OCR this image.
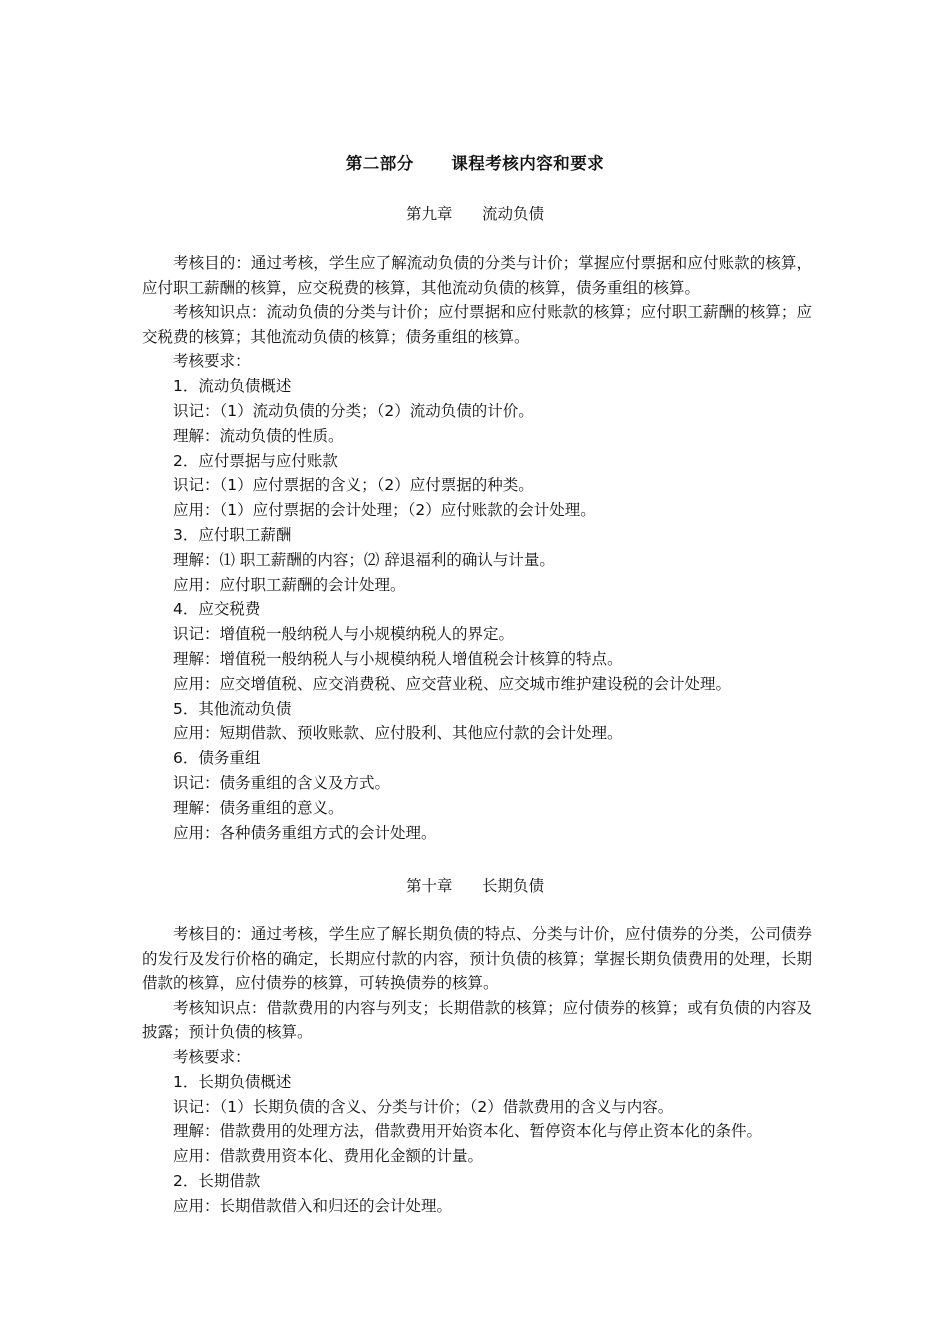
第二部分      课程考核内容和要求
第九章      流动负债

考核目的：通过考核，学生应了解流动负债的分类与计价；掌握应付票据和应付账款的核算，应付职工薪酬的核算，应交税费的核算，其他流动负债的核算，债务重组的核算。

考核知识点：流动负债的分类与计价；应付票据和应付账款的核算；应付职工薪酬的核算；应交税费的核算；其他流动负债的核算；债务重组的核算。

考核要求：

1．流动负债概述

识记：（1）流动负债的分类；（2）流动负债的计价。

理解：流动负债的性质。

2．应付票据与应付账款

识记：（1）应付票据的含义；（2）应付票据的种类。

应用：（1）应付票据的会计处理；（2）应付账款的会计处理。

3．应付职工薪酬

理解：⑴ 职工薪酬的内容；⑵ 辞退福利的确认与计量。

应用：应付职工薪酬的会计处理。

4．应交税费

识记：增值税一般纳税人与小规模纳税人的界定。

理解：增值税一般纳税人与小规模纳税人增值税会计核算的特点。

应用：应交增值税、应交消费税、应交营业税、应交城市维护建设税的会计处理。

5．其他流动负债

应用：短期借款、预收账款、应付股利、其他应付款的会计处理。

6．债务重组

识记：债务重组的含义及方式。

理解：债务重组的意义。

应用：各种债务重组方式的会计处理。

第十章      长期负债

考核目的：通过考核，学生应了解长期负债的特点、分类与计价，应付债券的分类，公司债券的发行及发行价格的确定，长期应付款的内容，预计负债的核算；掌握长期负债费用的处理，长期借款的核算，应付债券的核算，可转换债券的核算。

考核知识点：借款费用的内容与列支；长期借款的核算；应付债券的核算；或有负债的内容及披露；预计负债的核算。

考核要求：

1．长期负债概述

识记：（1）长期负债的含义、分类与计价；（2）借款费用的含义与内容。

理解：借款费用的处理方法，借款费用开始资本化、暂停资本化与停止资本化的条件。

应用：借款费用资本化、费用化金额的计量。

2．长期借款

应用：长期借款借入和归还的会计处理。
